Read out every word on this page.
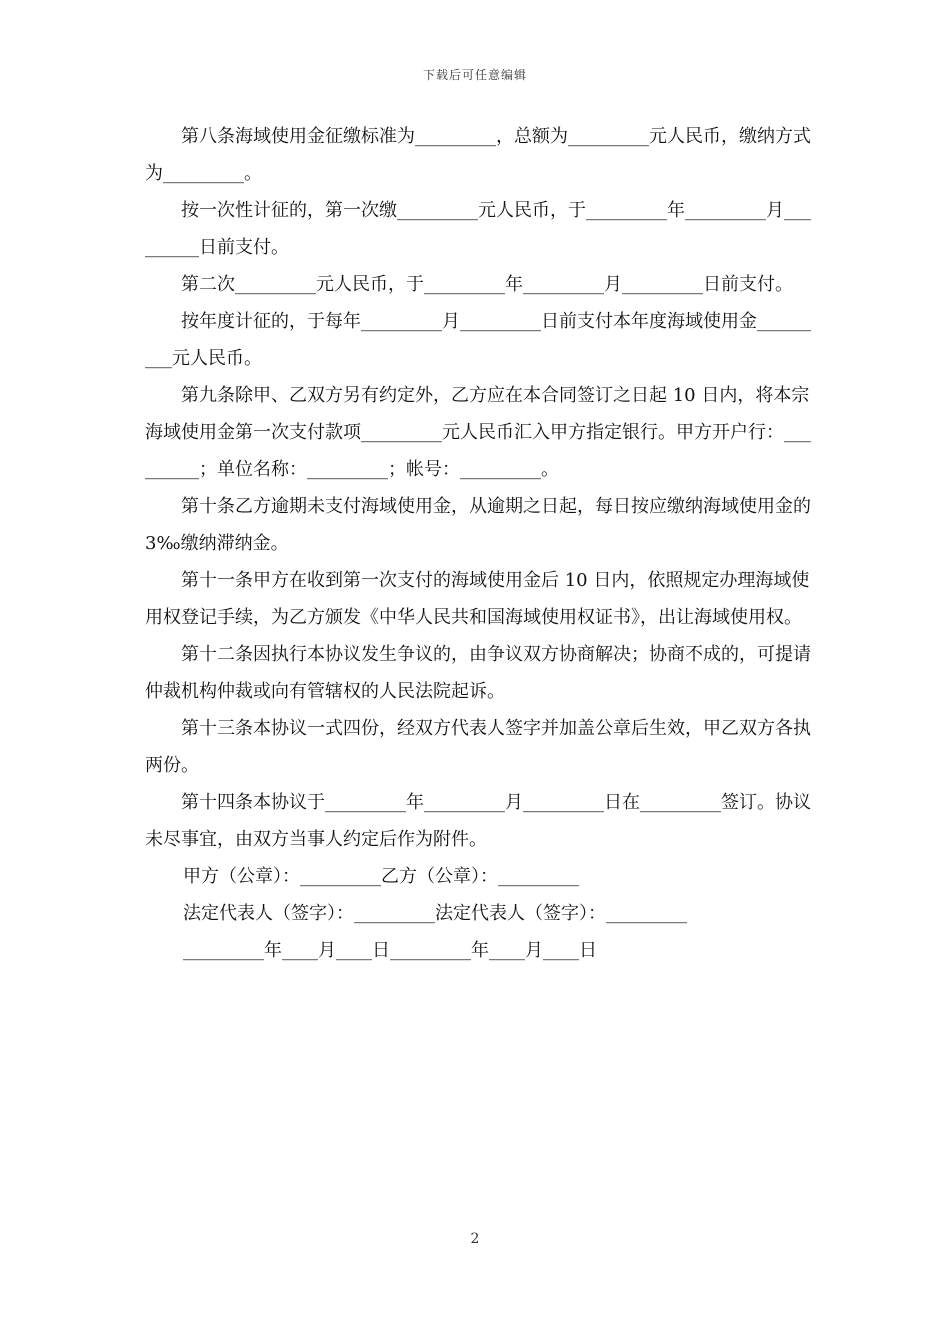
下载后可任意编辑

第八条海域使用金征缴标准为_________，总额为_________元人民币，缴纳方式为_________。

按一次性计征的，第一次缴_________元人民币，于_________年_________月_________日前支付。

第二次_________元人民币，于_________年_________月_________日前支付。

按年度计征的，于每年_________月_________日前支付本年度海域使用金_________元人民币。

第九条除甲、乙双方另有约定外，乙方应在本合同签订之日起 10 日内，将本宗海域使用金第一次支付款项_________元人民币汇入甲方指定银行。甲方开户行：_________；单位名称：_________；帐号：_________。

第十条乙方逾期未支付海域使用金，从逾期之日起，每日按应缴纳海域使用金的 3‰缴纳滞纳金。

第十一条甲方在收到第一次支付的海域使用金后 10 日内，依照规定办理海域使用权登记手续，为乙方颁发《中华人民共和国海域使用权证书》，出让海域使用权。

第十二条因执行本协议发生争议的，由争议双方协商解决；协商不成的，可提请仲裁机构仲裁或向有管辖权的人民法院起诉。

第十三条本协议一式四份，经双方代表人签字并加盖公章后生效，甲乙双方各执两份。

第十四条本协议于_________年_________月_________日在_________签订。协议未尽事宜，由双方当事人约定后作为附件。

甲方（公章）：_________乙方（公章）：_________

法定代表人（签字）：_________法定代表人（签字）：_________

_________年____月____日_________年____月____日

2
